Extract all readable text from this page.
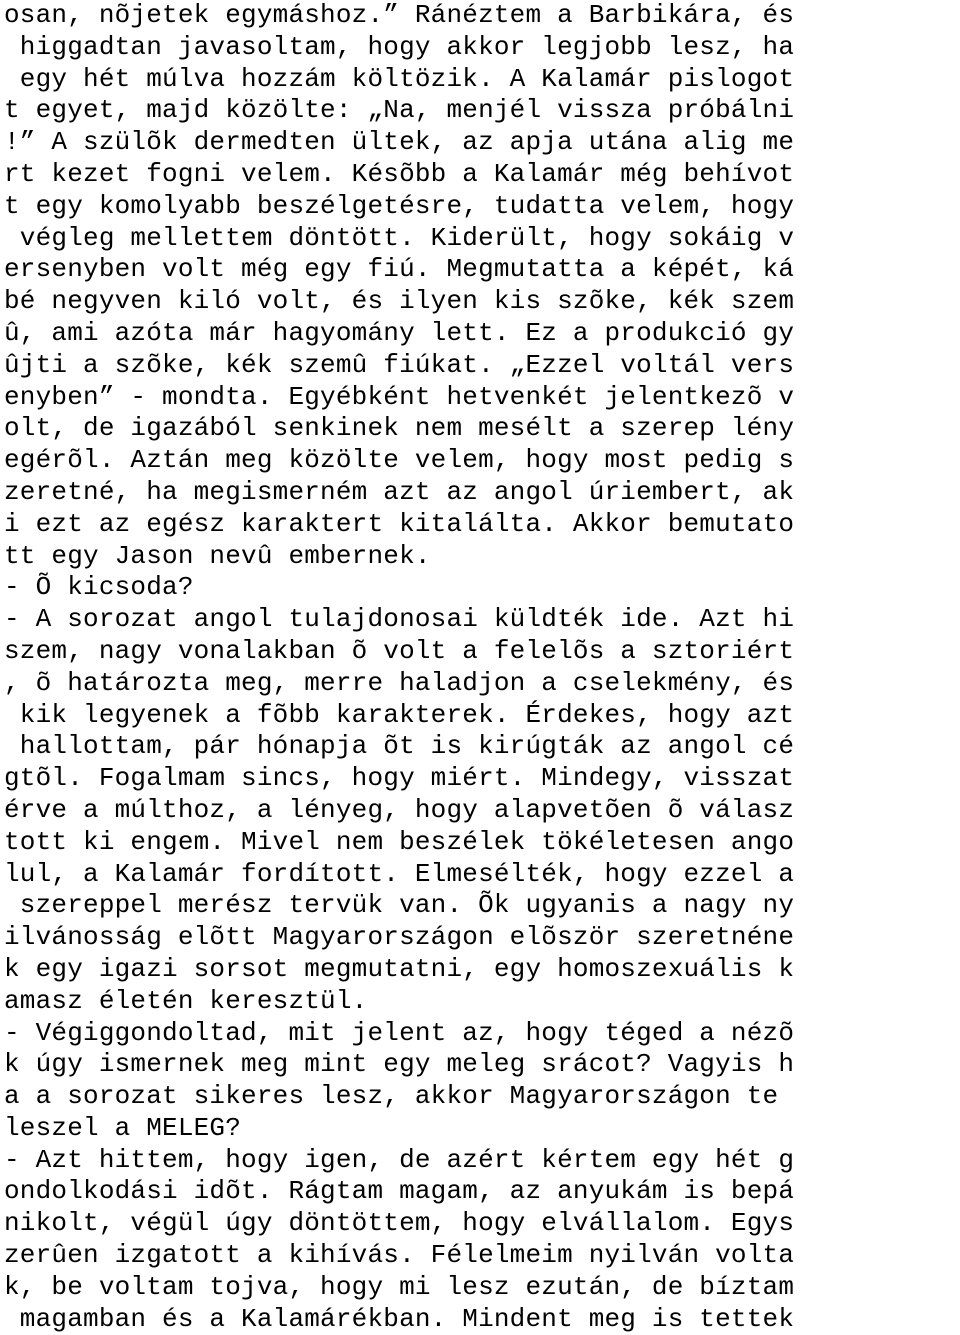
osan, nõjetek egymáshoz.” Ránéztem a Barbikára, és

higgadtan javasoltam, hogy akkor legjobb lesz, ha

egy hét múlva hozzám költözik. A Kalamár pislogot

t egyet, majd közölte: „Na, menjél vissza próbálni

!” A szülõk dermedten ültek, az apja utána alig me

rt kezet fogni velem. Késõbb a Kalamár még behívot

t egy komolyabb beszélgetésre, tudatta velem, hogy

végleg mellettem döntött. Kiderült, hogy sokáig v

ersenyben volt még egy fiú. Megmutatta a képét, ká

bé negyven kiló volt, és ilyen kis szõke, kék szem

û, ami azóta már hagyomány lett. Ez a produkció gy

ûjti a szõke, kék szemû fiúkat. „Ezzel voltál vers

enyben” - mondta. Egyébként hetvenkét jelentkezõ v

olt, de igazából senkinek nem mesélt a szerep lény

egérõl. Aztán meg közölte velem, hogy most pedig s

zeretné, ha megismerném azt az angol úriembert, ak

i ezt az egész karaktert kitalálta. Akkor bemutato

tt egy Jason nevû embernek.

- Õ kicsoda?

- A sorozat angol tulajdonosai küldték ide. Azt hi

szem, nagy vonalakban õ volt a felelõs a sztoriért

, õ határozta meg, merre haladjon a cselekmény, és

kik legyenek a fõbb karakterek. Érdekes, hogy azt

hallottam, pár hónapja õt is kirúgták az angol cé

gtõl. Fogalmam sincs, hogy miért. Mindegy, visszat

érve a múlthoz, a lényeg, hogy alapvetõen õ válasz

tott ki engem. Mivel nem beszélek tökéletesen ango

lul, a Kalamár fordított. Elmesélték, hogy ezzel a

szereppel merész tervük van. Õk ugyanis a nagy ny

ilvánosság elõtt Magyarországon elõször szeretnéne

k egy igazi sorsot megmutatni, egy homoszexuális k

amasz életén keresztül.

- Végiggondoltad, mit jelent az, hogy téged a nézõ

k úgy ismernek meg mint egy meleg srácot? Vagyis h

a a sorozat sikeres lesz, akkor Magyarországon te

leszel a MELEG?

- Azt hittem, hogy igen, de azért kértem egy hét g

ondolkodási idõt. Rágtam magam, az anyukám is bepá

nikolt, végül úgy döntöttem, hogy elvállalom. Egys

zerûen izgatott a kihívás. Félelmeim nyilván volta

k, be voltam tojva, hogy mi lesz ezután, de bíztam

magamban és a Kalamárékban. Mindent meg is tettek
